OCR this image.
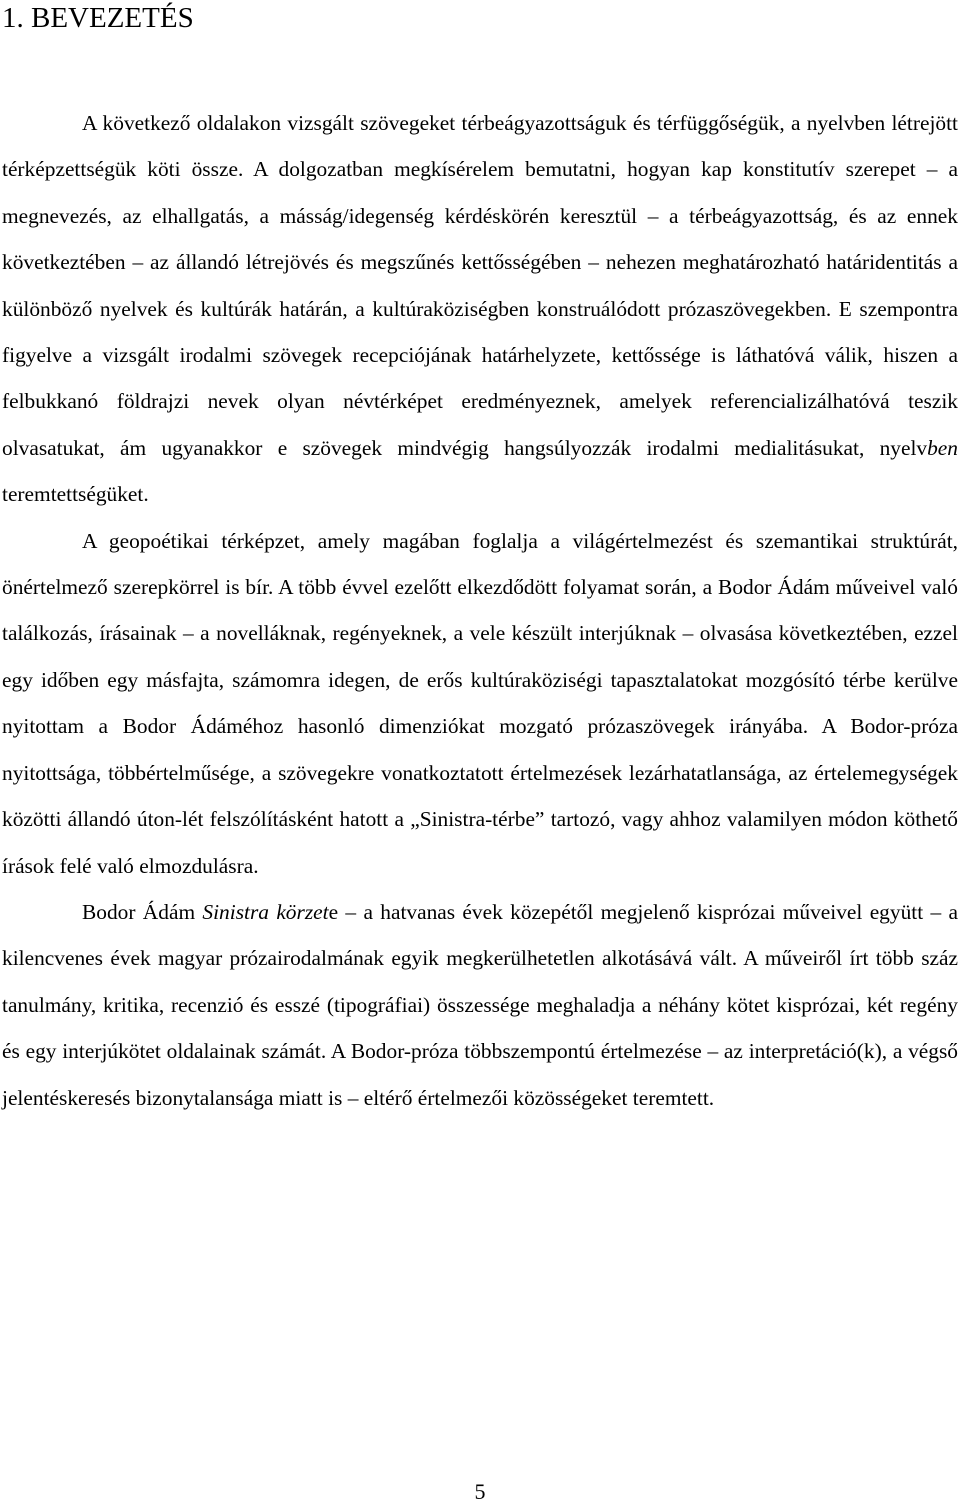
1. BEVEZETÉS

A következő oldalakon vizsgált szövegeket térbeágyazottságuk és térfüggőségük, a nyelvben létrejött térképzettségük köti össze. A dolgozatban megkísérelem bemutatni, hogyan kap konstitutív szerepet – a megnevezés, az elhallgatás, a másság/idegenség kérdéskörén keresztül – a térbeágyazottság, és az ennek következtében – az állandó létrejövés és megszűnés kettősségében – nehezen meghatározható határidentitás a különböző nyelvek és kultúrák határán, a kultúraköziségben konstruálódott prózaszövegekben. E szempontra figyelve a vizsgált irodalmi szövegek recepciójának határhelyzete, kettőssége is láthatóvá válik, hiszen a felbukkanó földrajzi nevek olyan névtérképet eredményeznek, amelyek referencializálhatóvá teszik olvasatukat, ám ugyanakkor e szövegek mindvégig hangsúlyozzák irodalmi medialitásukat, nyelvben teremtettségüket.

A geopoétikai térképzet, amely magában foglalja a világértelmezést és szemantikai struktúrát, önértelmező szerepkörrel is bír. A több évvel ezelőtt elkezdődött folyamat során, a Bodor Ádám műveivel való találkozás, írásainak – a novelláknak, regényeknek, a vele készült interjúknak – olvasása következtében, ezzel egy időben egy másfajta, számomra idegen, de erős kultúraköziségi tapasztalatokat mozgósító térbe kerülve nyitottam a Bodor Ádáméhoz hasonló dimenziókat mozgató prózaszövegek irányába. A Bodor-próza nyitottsága, többértelműsége, a szövegekre vonatkoztatott értelmezések lezárhatatlansága, az értelemegységek közötti állandó úton-lét felszólításként hatott a „Sinistra-térbe” tartozó, vagy ahhoz valamilyen módon köthető írások felé való elmozdulásra.

Bodor Ádám Sinistra körzete – a hatvanas évek közepétől megjelenő kisprózai műveivel együtt – a kilencvenes évek magyar prózairodalmának egyik megkerülhetetlen alkotásává vált. A műveiről írt több száz tanulmány, kritika, recenzió és esszé (tipográfiai) összessége meghaladja a néhány kötet kisprózai, két regény és egy interjúkötet oldalainak számát. A Bodor-próza többszempontú értelmezése – az interpretáció(k), a végső jelentéskeresés bizonytalansága miatt is – eltérő értelmezői közösségeket teremtett.

5
